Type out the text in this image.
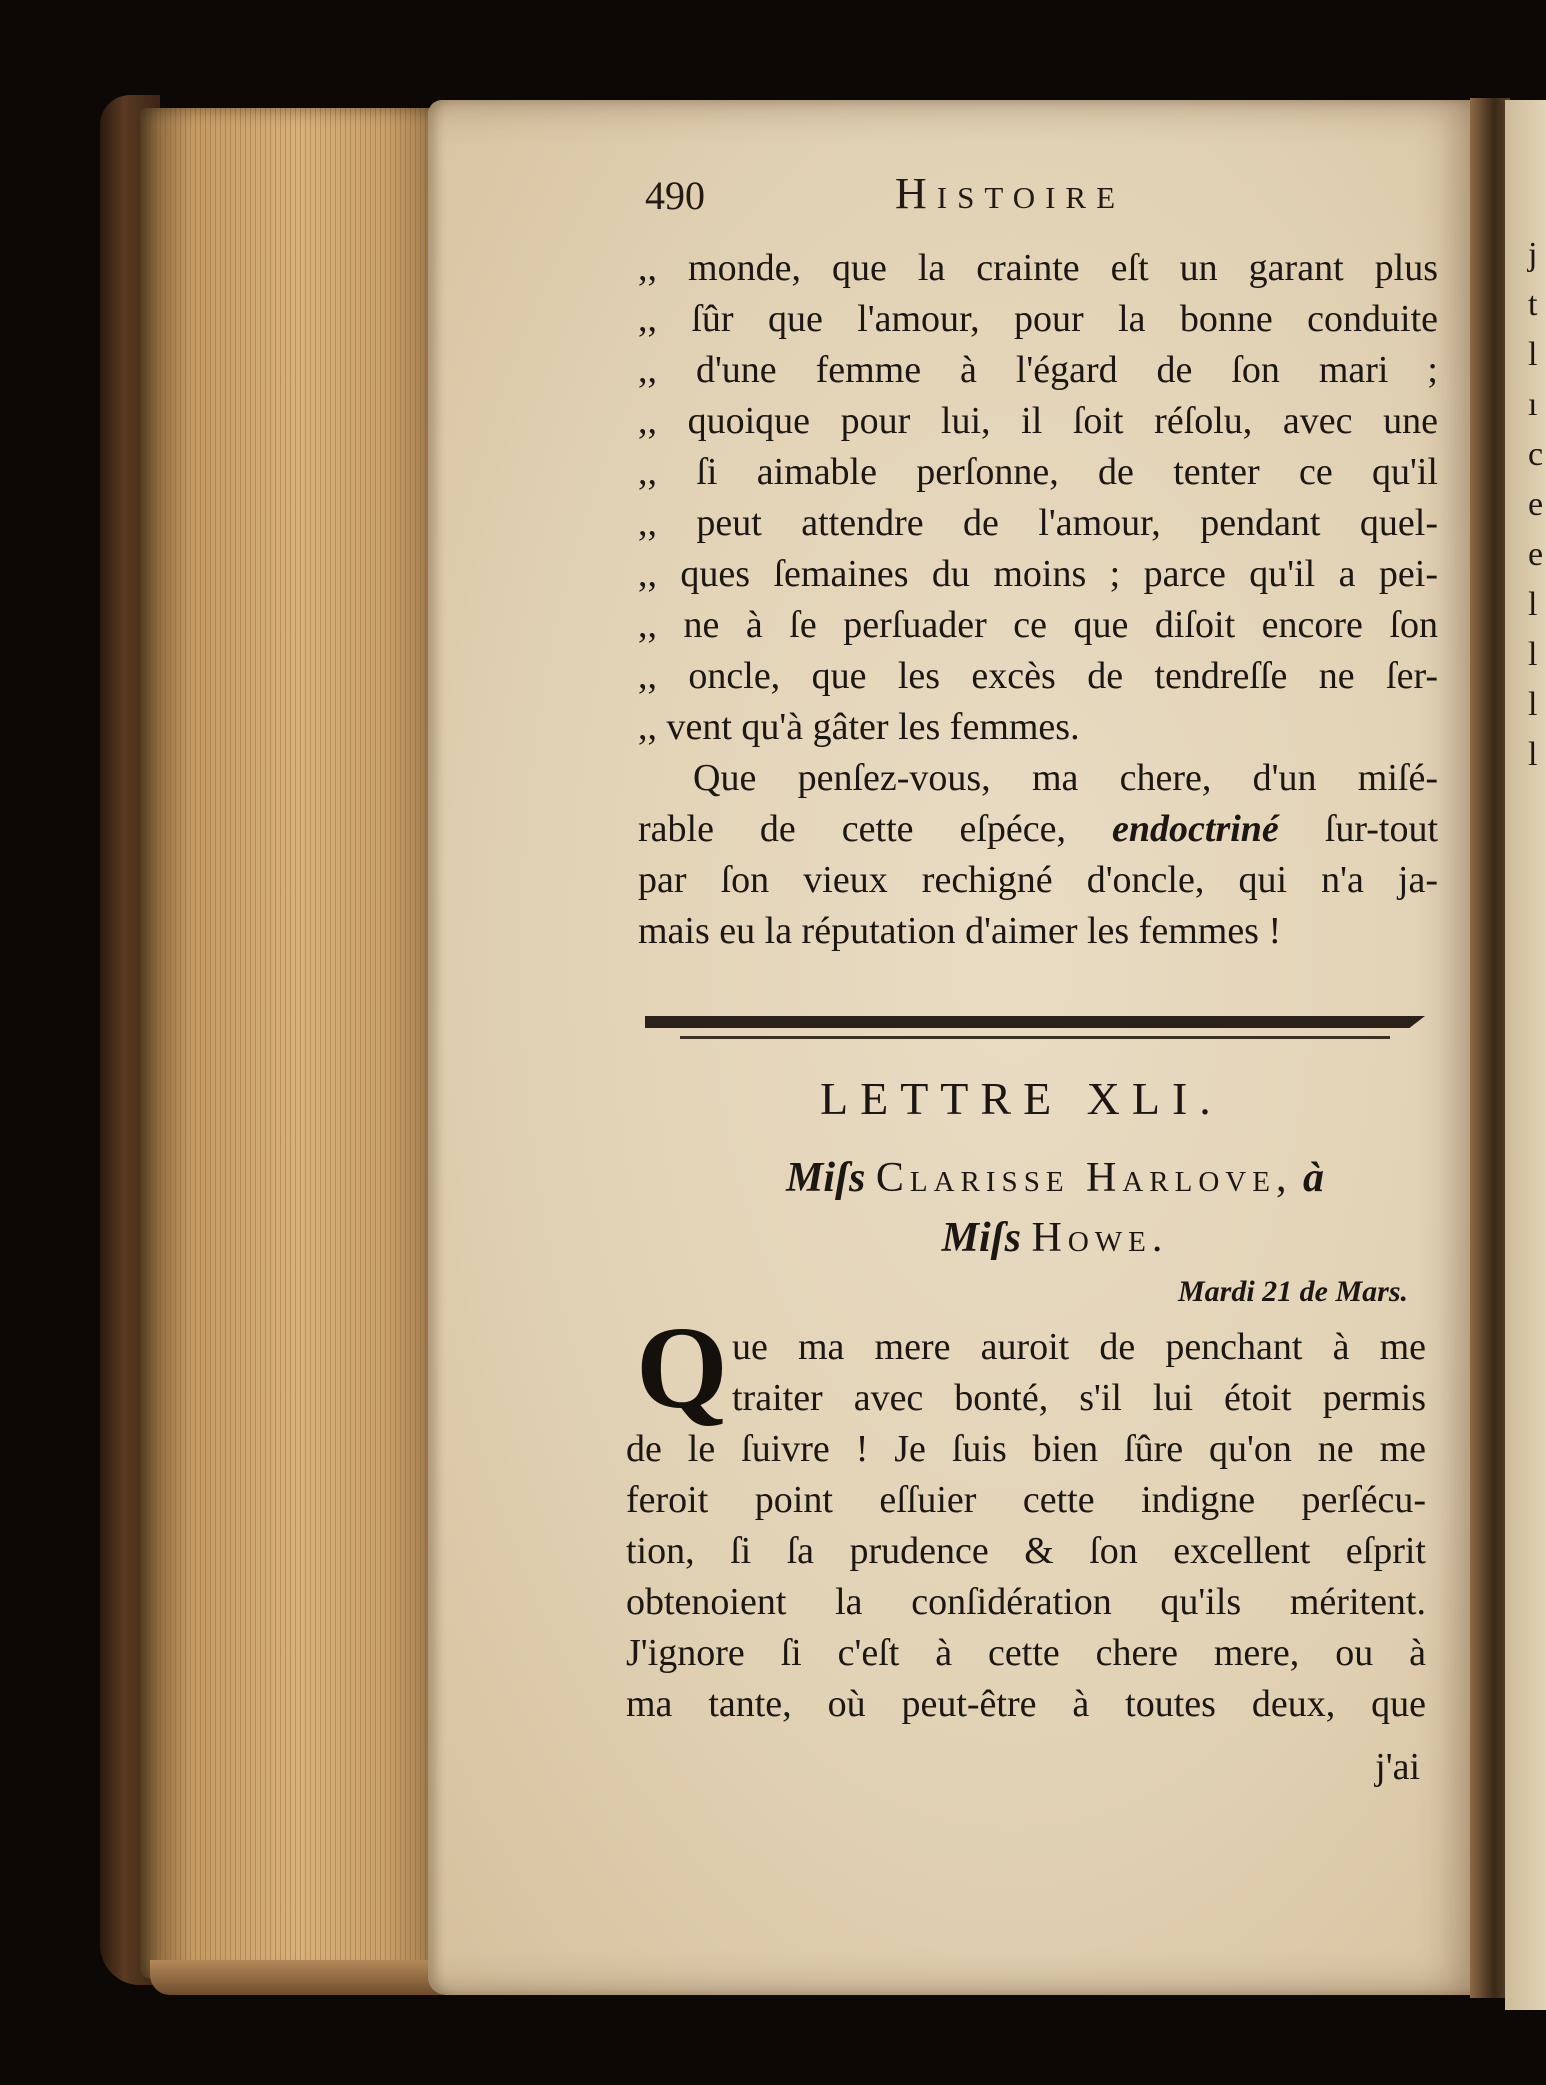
j
t
l
ı
c
e
e
l
l
l
l
490	Histoire
,, monde, que la crainte eſt un garant plus
,, ſûr que l'amour, pour la bonne conduite
,, d'une femme à l'égard de ſon mari ;
,, quoique pour lui, il ſoit réſolu, avec une
,, ſi aimable perſonne, de tenter ce qu'il
,, peut attendre de l'amour, pendant quel-
,, ques ſemaines du moins ; parce qu'il a pei-
,, ne à ſe perſuader ce que diſoit encore ſon
,, oncle, que les excès de tendreſſe ne ſer-
,, vent qu'à gâter les femmes.
Que penſez-vous, ma chere, d'un miſé-
rable de cette eſpéce, endoctriné ſur-tout
par ſon vieux rechigné d'oncle, qui n'a ja-
mais eu la réputation d'aimer les femmes !
LETTRE XLI.
Miſs Clarisse Harlove, à
Miſs Howe.
Mardi 21 de Mars.
Q ue ma mere auroit de penchant à me
traiter avec bonté, s'il lui étoit permis
de le ſuivre ! Je ſuis bien ſûre qu'on ne me
feroit point eſſuier cette indigne perſécu-
tion, ſi ſa prudence & ſon excellent eſprit
obtenoient la conſidération qu'ils méritent.
J'ignore ſi c'eſt à cette chere mere, ou à
ma tante, où peut-être à toutes deux, que
j'ai
